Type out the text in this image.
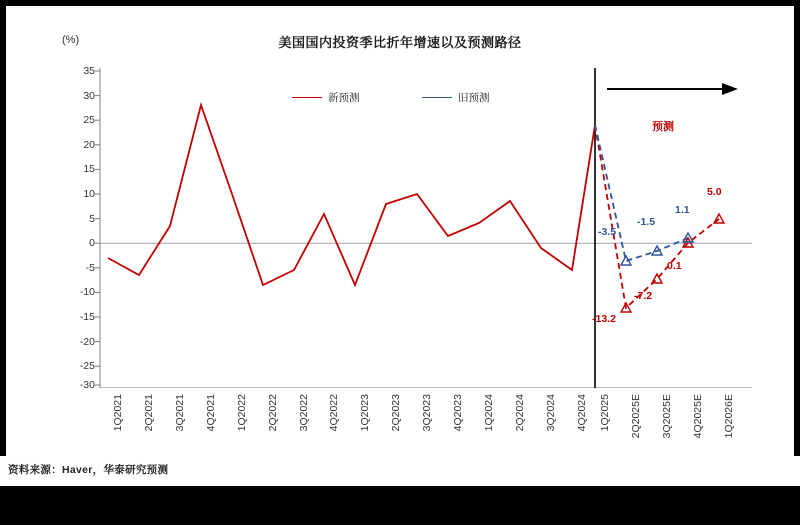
(%)	美国国内投资季比折年增速以及预测路径
新预测	旧预测
预测
35
30
25
20
15
10
5
0
-5
-10
-15
-20
-25
-30
1Q2021 2Q2021 3Q2021 4Q2021 1Q2022 2Q2022 3Q2022 4Q2022 1Q2023 2Q2023 3Q2023 4Q2023 1Q2024 2Q2024 3Q2024 4Q2024 1Q2025 2Q2025E 3Q2025E 4Q2025E 1Q2026E
-13.2
-7.2
0.1
5.0
-3.5
-1.5
1.1
资料来源：Haver，华泰研究预测
